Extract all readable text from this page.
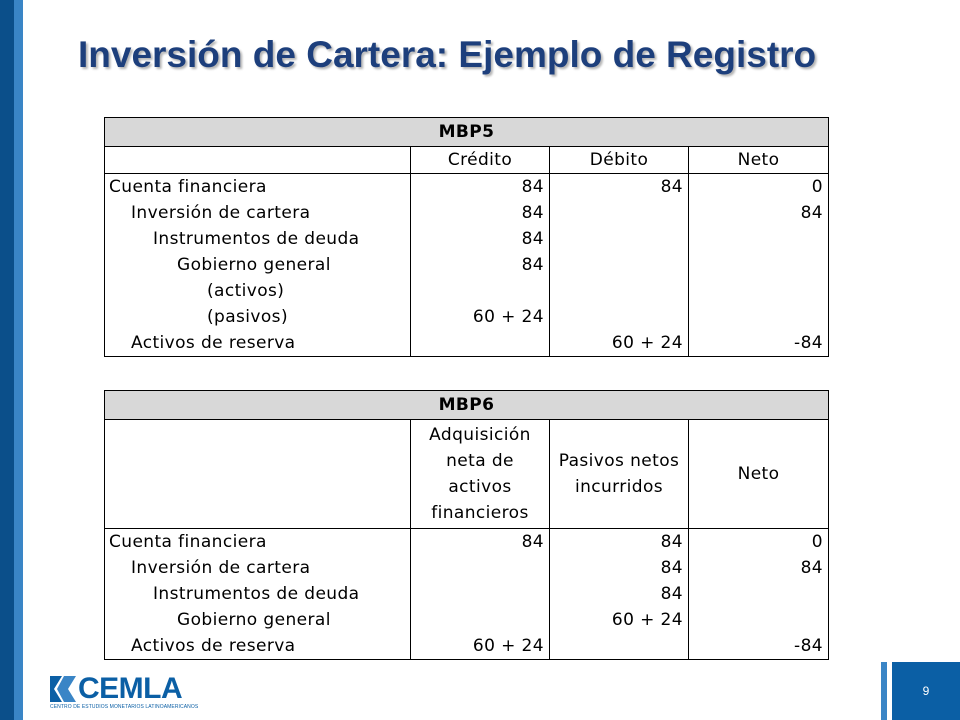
Inversión de Cartera: Ejemplo de Registro
MBP5			
	Crédito	Débito	Neto
Cuenta financiera	84	84	0
Inversión de cartera	84		84
Instrumentos de deuda	84		
Gobierno general	84		
(activos)			
(pasivos)	60 + 24		
Activos de reserva		60 + 24	-84
MBP6			
	Adquisición neta de activos financieros	Pasivos netos incurridos	Neto
Cuenta financiera	84	84	0
Inversión de cartera		84	84
Instrumentos de deuda		84	
Gobierno general		60 + 24	
Activos de reserva	60 + 24		-84
CEMLA
CENTRO DE ESTUDIOS MONETARIOS LATINOAMERICANOS
9
